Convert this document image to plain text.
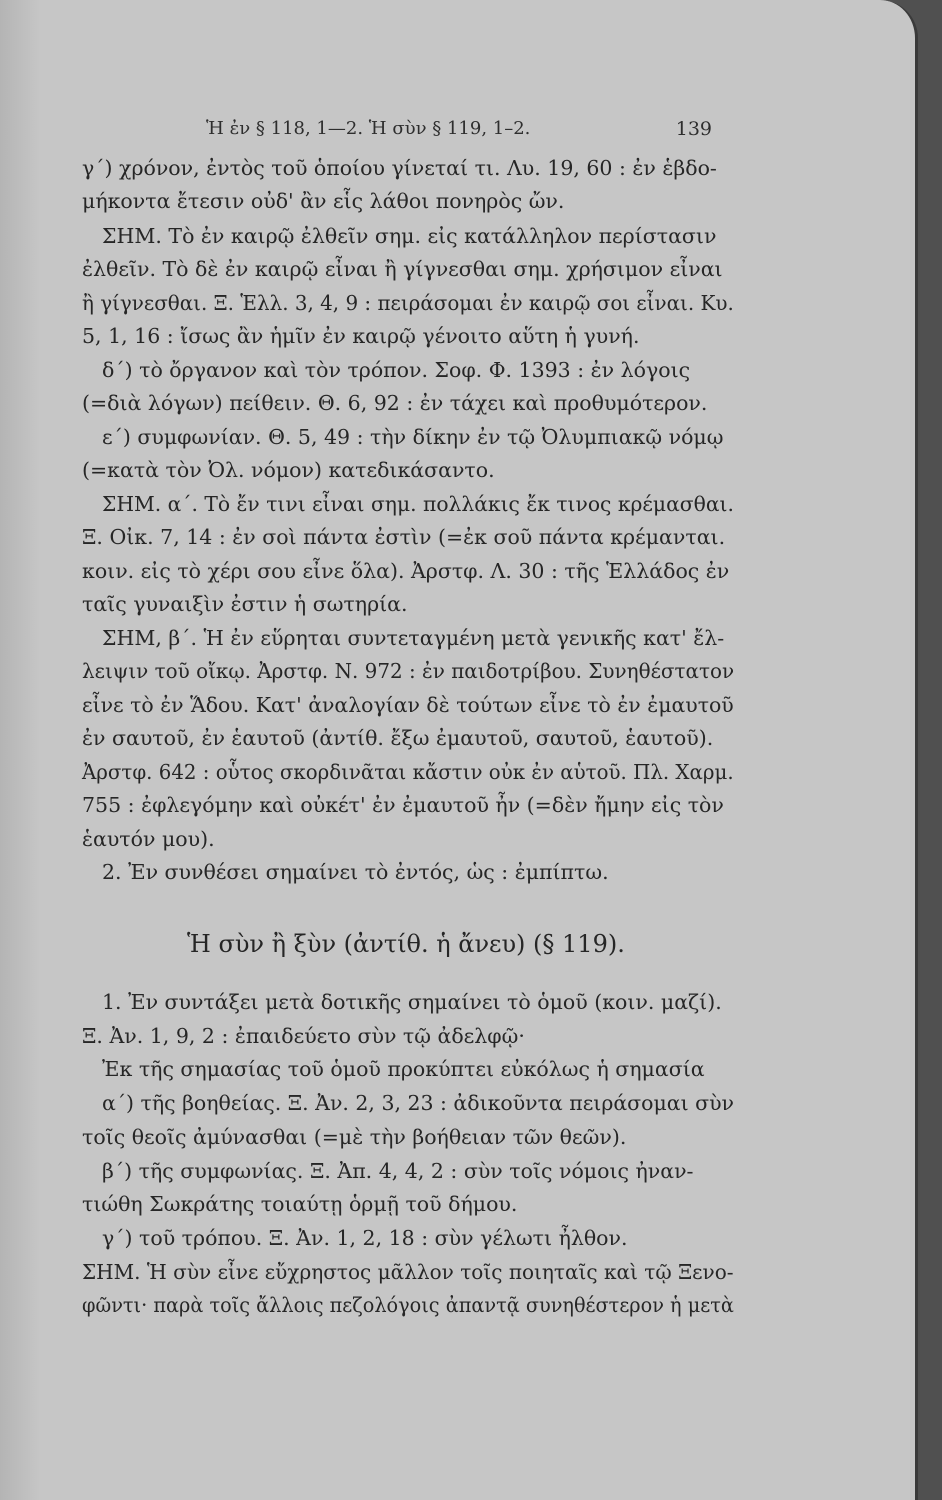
Ἡ ἐν § 118, 1—2. Ἡ σὺν § 119, 1–2.	139
γ΄) χρόνον, ἐντὸς τοῦ ὁποίου γίνεταί τι. Λυ. 19, 60 : ἐν ἑβδο-
μήκοντα ἔτεσιν οὐδ' ἂν εἷς λάθοι πονηρὸς ὤν.
ΣΗΜ. Τὸ ἐν καιρῷ ἐλθεῖν σημ. εἰς κατάλληλον περίστασιν
ἐλθεῖν. Τὸ δὲ ἐν καιρῷ εἶναι ἢ γίγνεσθαι σημ. χρήσιμον εἶναι
ἢ γίγνεσθαι. Ξ. Ἑλλ. 3, 4, 9 : πειράσομαι ἐν καιρῷ σοι εἶναι. Κυ.
5, 1, 16 : ἴσως ἂν ἡμῖν ἐν καιρῷ γένοιτο αὕτη ἡ γυνή.
δ΄) τὸ ὄργανον καὶ τὸν τρόπον. Σοφ. Φ. 1393 : ἐν λόγοις
(=διὰ λόγων) πείθειν. Θ. 6, 92 : ἐν τάχει καὶ προθυμότερον.
ε΄) συμφωνίαν. Θ. 5, 49 : τὴν δίκην ἐν τῷ Ὀλυμπιακῷ νόμῳ
(=κατὰ τὸν Ὀλ. νόμον) κατεδικάσαντο.
ΣΗΜ. α΄. Τὸ ἔν τινι εἶναι σημ. πολλάκις ἔκ τινος κρέμασθαι.
Ξ. Οἰκ. 7, 14 : ἐν σοὶ πάντα ἐστὶν (=ἐκ σοῦ πάντα κρέμανται.
κοιν. εἰς τὸ χέρι σου εἶνε ὅλα). Ἀρστφ. Λ. 30 : τῆς Ἑλλάδος ἐν
ταῖς γυναιξὶν ἐστιν ἡ σωτηρία.
ΣΗΜ, β΄. Ἡ ἐν εὕρηται συντεταγμένη μετὰ γενικῆς κατ' ἔλ-
λειψιν τοῦ οἴκῳ. Ἀρστφ. Ν. 972 : ἐν παιδοτρίβου. Συνηθέστατον
εἶνε τὸ ἐν Ἅδου. Κατ' ἀναλογίαν δὲ τούτων εἶνε τὸ ἐν ἐμαυτοῦ
ἐν σαυτοῦ, ἐν ἑαυτοῦ (ἀντίθ. ἔξω ἐμαυτοῦ, σαυτοῦ, ἑαυτοῦ).
Ἀρστφ. 642 : οὗτος σκορδινᾶται κἄστιν οὐκ ἐν αὑτοῦ. Πλ. Χαρμ.
755 : ἐφλεγόμην καὶ οὐκέτ' ἐν ἐμαυτοῦ ἦν (=δὲν ἤμην εἰς τὸν
ἑαυτόν μου).
2. Ἐν συνθέσει σημαίνει τὸ ἐντός, ὡς : ἐμπίπτω.
Ἡ σὺν ἢ ξὺν (ἀντίθ. ἡ ἄνευ) (§ 119).
1. Ἐν συντάξει μετὰ δοτικῆς σημαίνει τὸ ὁμοῦ (κοιν. μαζί).
Ξ. Ἀν. 1, 9, 2 : ἐπαιδεύετο σὺν τῷ ἀδελφῷ·
Ἐκ τῆς σημασίας τοῦ ὁμοῦ προκύπτει εὐκόλως ἡ σημασία
α΄) τῆς βοηθείας. Ξ. Ἀν. 2, 3, 23 : ἀδικοῦντα πειράσομαι σὺν
τοῖς θεοῖς ἀμύνασθαι (=μὲ τὴν βοήθειαν τῶν θεῶν).
β΄) τῆς συμφωνίας. Ξ. Ἀπ. 4, 4, 2 : σὺν τοῖς νόμοις ἠναν-
τιώθη Σωκράτης τοιαύτῃ ὁρμῇ τοῦ δήμου.
γ΄) τοῦ τρόπου. Ξ. Ἀν. 1, 2, 18 : σὺν γέλωτι ἦλθον.
ΣΗΜ. Ἡ σὺν εἶνε εὔχρηστος μᾶλλον τοῖς ποιηταῖς καὶ τῷ Ξενο-
φῶντι· παρὰ τοῖς ἄλλοις πεζολόγοις ἀπαντᾷ συνηθέστερον ἡ μετὰ
